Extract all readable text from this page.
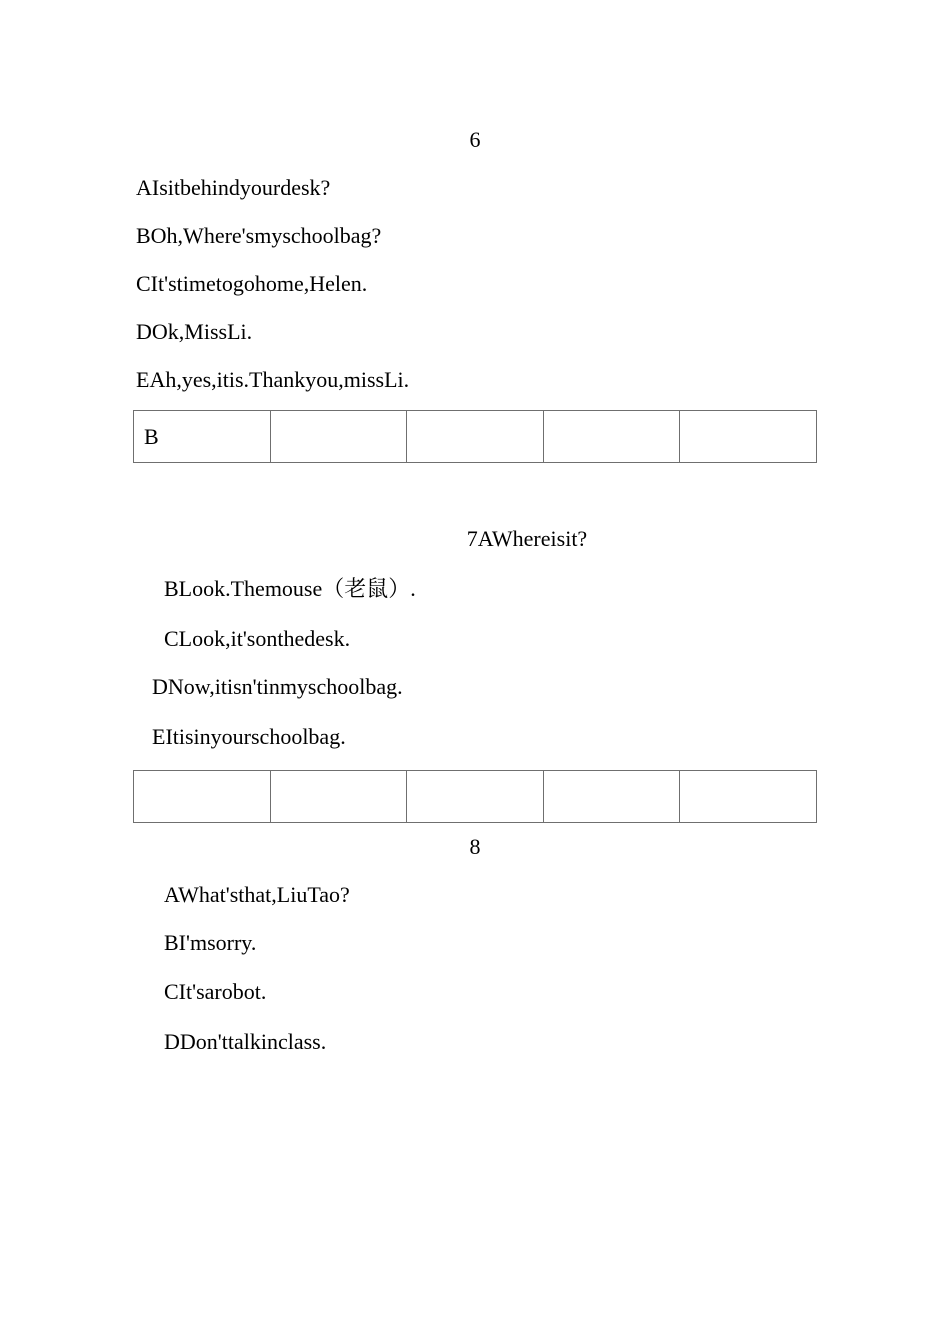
6

AIsitbehindyourdesk?

BOh,Where'smyschoolbag?

CIt'stimetogohome,Helen.

DOk,MissLi.

EAh,yes,itis.Thankyou,missLi.

B				

7AWhereisit?

BLook.Themouse（老鼠）.

CLook,it'sonthedesk.

DNow,itisn'tinmyschoolbag.

EItisinyourschoolbag.

8

AWhat'sthat,LiuTao?

BI'msorry.

CIt'sarobot.

DDon'ttalkinclass.
